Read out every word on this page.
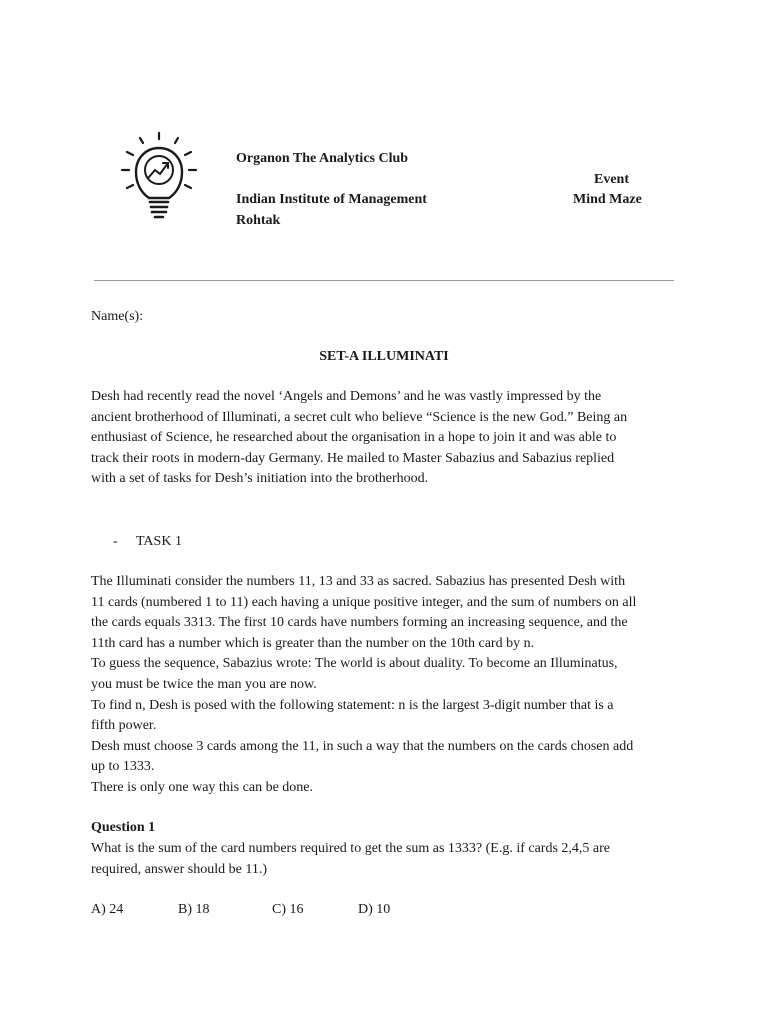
Organon The Analytics Club
Indian Institute of Management
Rohtak
Event
Mind Maze
Name(s):
SET-A ILLUMINATI
Desh had recently read the novel ‘Angels and Demons’ and he was vastly impressed by the
ancient brotherhood of Illuminati, a secret cult who believe “Science is the new God.” Being an
enthusiast of Science, he researched about the organisation in a hope to join it and was able to
track their roots in modern-day Germany. He mailed to Master Sabazius and Sabazius replied
with a set of tasks for Desh’s initiation into the brotherhood.
- TASK 1
The Illuminati consider the numbers 11, 13 and 33 as sacred. Sabazius has presented Desh with
11 cards (numbered 1 to 11) each having a unique positive integer, and the sum of numbers on all
the cards equals 3313. The first 10 cards have numbers forming an increasing sequence, and the
11th card has a number which is greater than the number on the 10th card by n.
To guess the sequence, Sabazius wrote: The world is about duality. To become an Illuminatus,
you must be twice the man you are now.
To find n, Desh is posed with the following statement: n is the largest 3-digit number that is a
fifth power.
Desh must choose 3 cards among the 11, in such a way that the numbers on the cards chosen add
up to 1333.
There is only one way this can be done.
Question 1
What is the sum of the card numbers required to get the sum as 1333? (E.g. if cards 2,4,5 are
required, answer should be 11.)
A) 24	B) 18	C) 16	D) 10
